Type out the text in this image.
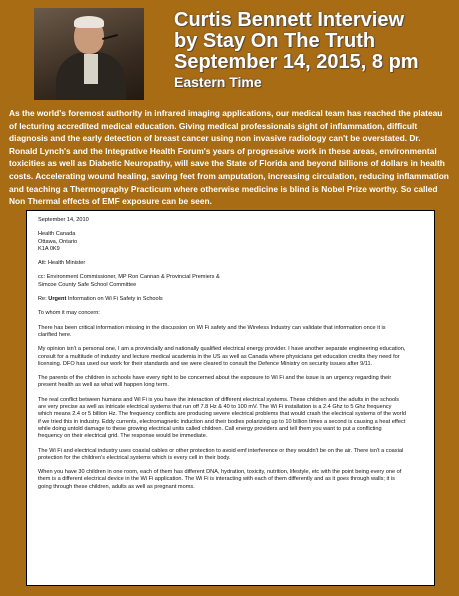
Curtis Bennett Interview
by Stay On The Truth
September 14, 2015, 8 pm
Eastern Time
As the world's foremost authority in infrared imaging applications, our medical team has reached the plateau of lecturing accredited medical education. Giving medical professionals sight of inflammation, difficult diagnosis and the early detection of breast cancer using non invasive radiology can't be overstated. Dr. Ronald Lynch's and the Integrative Health Forum's years of progressive work in these areas, environmental toxicities as well as Diabetic Neuropathy, will save the State of Florida and beyond billions of dollars in health costs. Accelerating wound healing, saving feet from amputation, increasing circulation, reducing inflammation and teaching a Thermography Practicum where otherwise medicine is blind is Nobel Prize worthy. So called Non Thermal effects of EMF exposure can be seen.
September 14, 2010
Health Canada
Ottawa, Ontario
K1A 0K9
Att: Health Minister
cc: Environment Commissioner, MP Ron Cannan & Provincial Premiers &
Simcoe County Safe School Committee
Re: Urgent Information on Wi Fi Safety in Schools
To whom it may concern:
There has been critical information missing in the discussion on Wi Fi safety and the Wireless Industry can validate that information once it is clarified here.
My opinion isn't a personal one, I am a provincially and nationally qualified electrical energy provider. I have another separate engineering education, consult for a multitude of industry and lecture medical academia in the US as well as Canada where physicians get education credits they need for licensing. DFO has used our work for their standards and we were cleared to consult the Defence Ministry on security issues after 9/11.
The parents of the children in schools have every right to be concerned about the exposure to Wi Fi and the issue is an urgency regarding their present health as well as what will happen long term.
The real conflict between humans and Wi Fi is you have the interaction of different electrical systems. These children and the adults in the schools are very precise as well as intricate electrical systems that run off 7.8 Hz & 40 to 100 mV. The Wi Fi installation is a 2.4 Ghz to 5 Ghz frequency which means 2.4 or 5 billion Hz. The frequency conflicts are producing severe electrical problems that would crash the electrical systems of the world if we tried this in industry. Eddy currents, electromagnetic induction and their bodies polarizing up to 10 billion times a second is causing a heat effect while doing untold damage to these growing electrical units called children. Call energy providers and tell them you want to put a conflicting frequency on their electrical grid. The response would be immediate.
The Wi Fi and electrical industry uses coaxial cables or other protection to avoid emf interference or they wouldn't be on the air. There isn't a coaxial protection for the children's electrical systems which is every cell in their body.
When you have 30 children in one room, each of them has different DNA, hydration, toxicity, nutrition, lifestyle, etc with the point being every one of them is a different electrical device in the Wi Fi application. The Wi Fi is interacting with each of them differently and as it goes through walls; it is going through these children, adults as well as pregnant moms.
